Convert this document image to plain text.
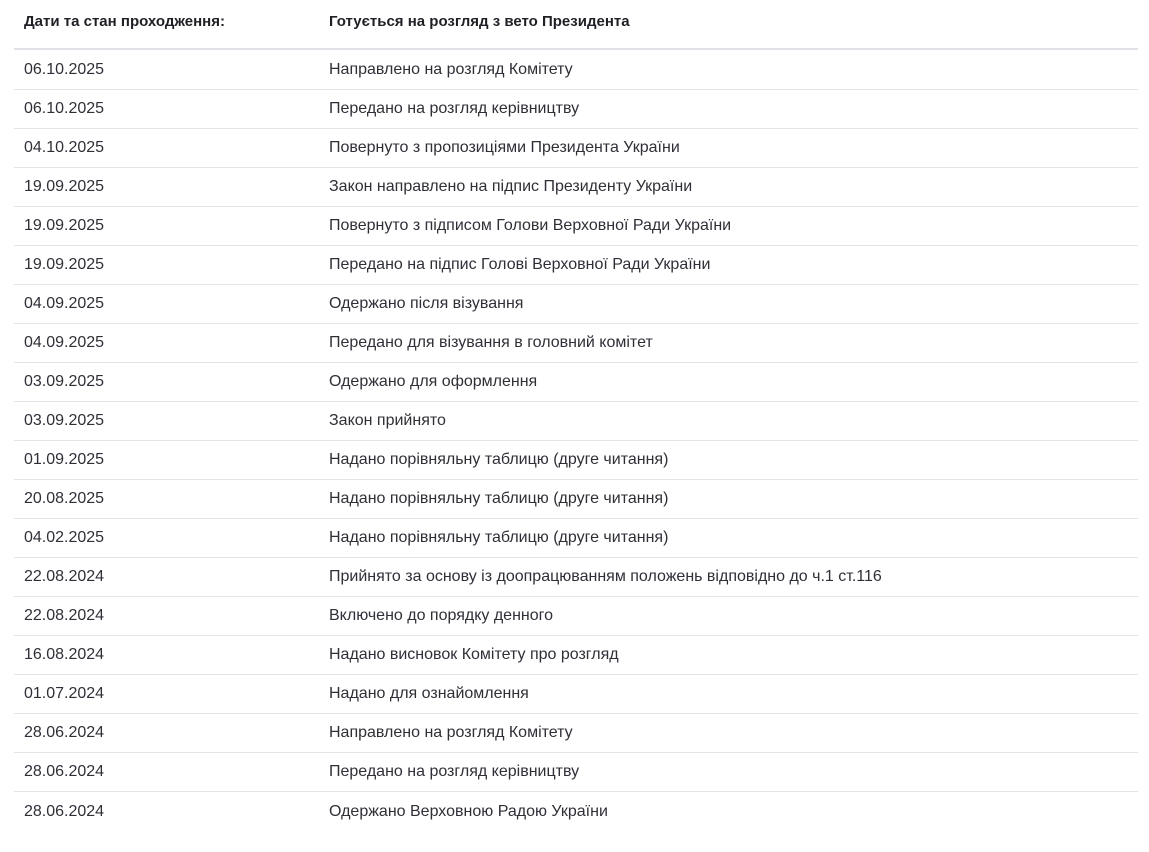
Дати та стан проходження:	Готується на розгляд з вето Президента
06.10.2025	Направлено на розгляд Комітету
06.10.2025	Передано на розгляд керівництву
04.10.2025	Повернуто з пропозиціями Президента України
19.09.2025	Закон направлено на підпис Президенту України
19.09.2025	Повернуто з підписом Голови Верховної Ради України
19.09.2025	Передано на підпис Голові Верховної Ради України
04.09.2025	Одержано після візування
04.09.2025	Передано для візування в головний комітет
03.09.2025	Одержано для оформлення
03.09.2025	Закон прийнято
01.09.2025	Надано порівняльну таблицю (друге читання)
20.08.2025	Надано порівняльну таблицю (друге читання)
04.02.2025	Надано порівняльну таблицю (друге читання)
22.08.2024	Прийнято за основу із доопрацюванням положень відповідно до ч.1 ст.116
22.08.2024	Включено до порядку денного
16.08.2024	Надано висновок Комітету про розгляд
01.07.2024	Надано для ознайомлення
28.06.2024	Направлено на розгляд Комітету
28.06.2024	Передано на розгляд керівництву
28.06.2024	Одержано Верховною Радою України
